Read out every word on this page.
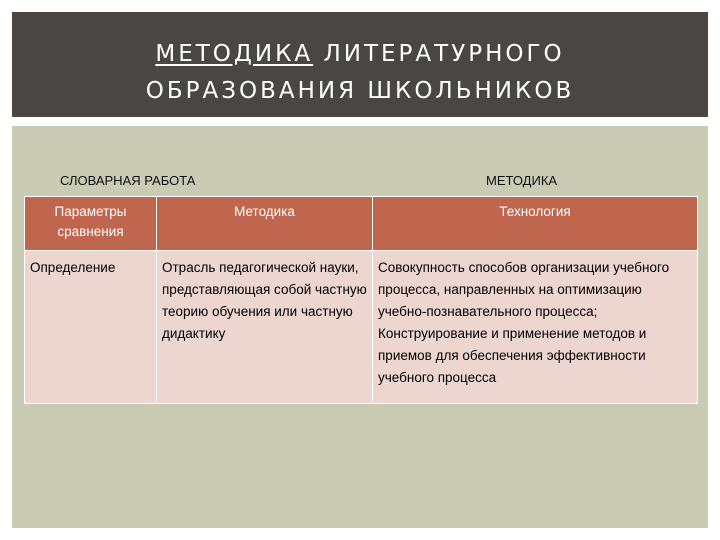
МЕТОДИКА ЛИТЕРАТУРНОГО
ОБРАЗОВАНИЯ ШКОЛЬНИКОВ
СЛОВАРНАЯ РАБОТА	МЕТОДИКА
Параметры сравнения	Методика	Технология
Определение	Отрасль педагогической науки, представляющая собой частную теорию обучения или частную дидактику	Совокупность способов организации учебного процесса, направленных на оптимизацию учебно-познавательного процесса;
Конструирование и применение методов и приемов для обеспечения эффективности учебного процесса
